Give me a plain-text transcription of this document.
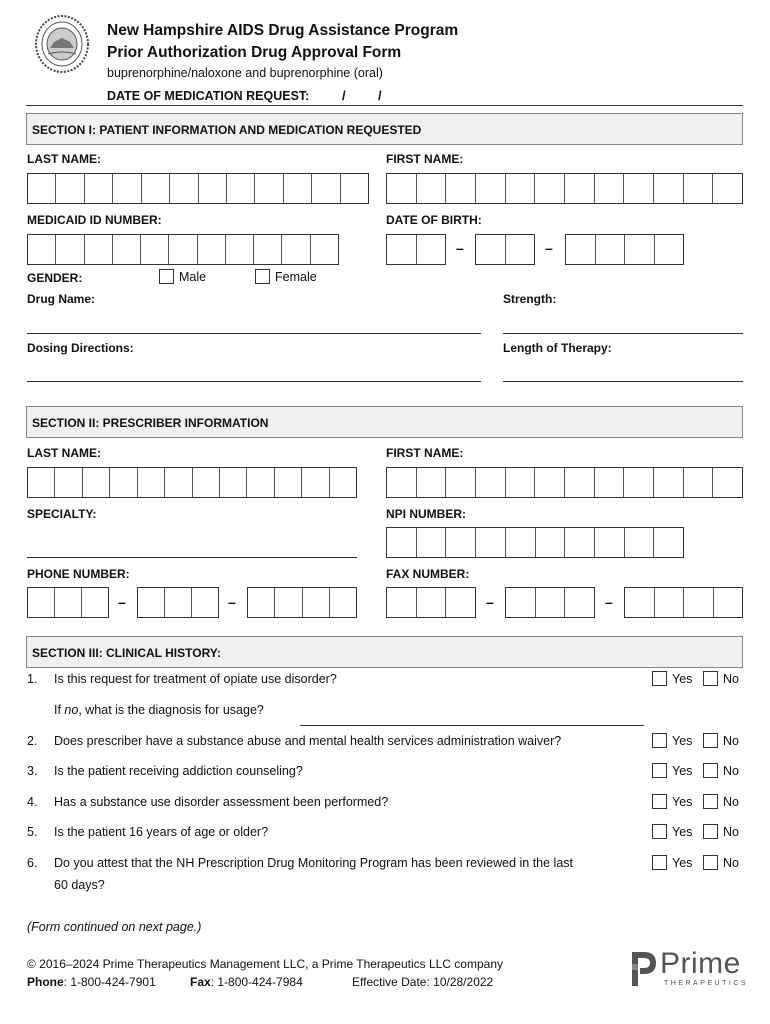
New Hampshire AIDS Drug Assistance Program
Prior Authorization Drug Approval Form
buprenorphine/naloxone and buprenorphine (oral)
DATE OF MEDICATION REQUEST:	/ /
SECTION I: PATIENT INFORMATION AND MEDICATION REQUESTED
LAST NAME:	FIRST NAME:
MEDICAID ID NUMBER:	DATE OF BIRTH:
–	–
GENDER:	Male	Female
Drug Name:	Strength:
Dosing Directions:	Length of Therapy:
SECTION II: PRESCRIBER INFORMATION
LAST NAME:	FIRST NAME:
SPECIALTY:	NPI NUMBER:
PHONE NUMBER:	FAX NUMBER:
–	–	–	–
SECTION III: CLINICAL HISTORY:
1. Is this request for treatment of opiate use disorder?	Yes No
If no, what is the diagnosis for usage?
2. Does prescriber have a substance abuse and mental health services administration waiver?	Yes No
3. Is the patient receiving addiction counseling?	Yes No
4. Has a substance use disorder assessment been performed?	Yes No
5. Is the patient 16 years of age or older?	Yes No
6. Do you attest that the NH Prescription Drug Monitoring Program has been reviewed in the last
60 days?
Yes No
(Form continued on next page.)
© 2016–2024 Prime Therapeutics Management LLC, a Prime Therapeutics LLC company
Phone: 1-800-424-7901	Fax: 1-800-424-7984	Effective Date: 10/28/2022
Prime
THERAPEUTICS
